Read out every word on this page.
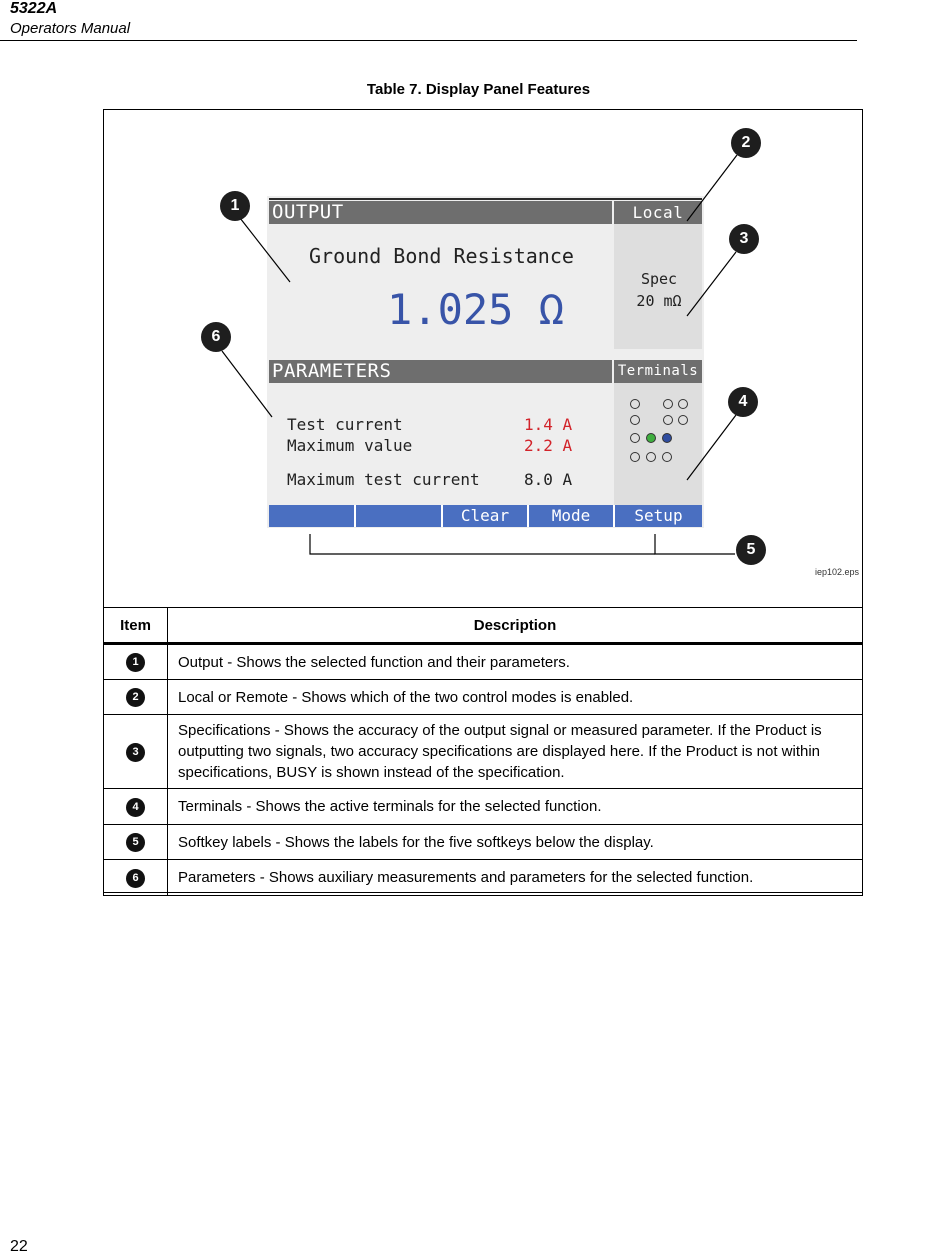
5322A
Operators Manual
Table 7. Display Panel Features
OUTPUT	Local
Ground Bond Resistance
1.025 Ω
Spec
20 mΩ
PARAMETERS	Terminals
Test current	1.4 A
Maximum value	2.2 A
Maximum test current	8.0 A
Clear	Mode	Setup
1
2
3
4
5
6
iep102.eps
Item	Description
1	Output - Shows the selected function and their parameters.
2	Local or Remote - Shows which of the two control modes is enabled.
3	Specifications - Shows the accuracy of the output signal or measured parameter. If the Product is outputting two signals, two accuracy specifications are displayed here. If the Product is not within specifications, BUSY is shown instead of the specification.
4	Terminals - Shows the active terminals for the selected function.
5	Softkey labels - Shows the labels for the five softkeys below the display.
6	Parameters - Shows auxiliary measurements and parameters for the selected function.
22
